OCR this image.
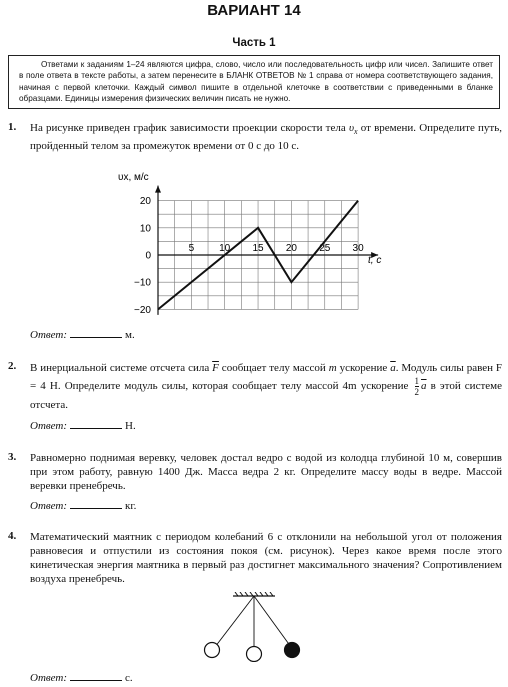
ВАРИАНТ 14
Часть 1
Ответами к заданиям 1–24 являются цифра, слово, число или последовательность цифр или чисел. Запишите ответ в поле ответа в тексте работы, а затем перенесите в БЛАНК ОТВЕТОВ № 1 справа от номера соответствующего задания, начиная с первой клеточки. Каждый символ пишите в отдельной клеточке в соответствии с приведенными в бланке образцами. Единицы измерения физических величин писать не нужно.
1. На рисунке приведен график зависимости проекции скорости тела $\upsilon_x$ от времени. Определите путь, пройденный телом за промежуток времени от 0 с до 10 с.
5	10 15 20 25 30
−20
−10
0
10
20
υx, м/с
t, с
Ответ:	м.
2. В инерциальной системе отсчета сила $\overline{F}$ сообщает телу массой m ускорение $\overline{a}$. Модуль силы равен F = 4 Н. Определите модуль силы, которая сообщает телу массой 4m ускорение $\frac{1}{2} \overline{a}$ в этой системе отсчета.
Ответ:	Н.
3. Равномерно поднимая веревку, человек достал ведро с водой из колодца глубиной 10 м, совершив при этом работу, равную 1400 Дж. Масса ведра 2 кг. Определите массу воды в ведре. Массой веревки пренебречь.
Ответ:	кг.
4. Математический маятник с периодом колебаний 6 с отклонили на небольшой угол от положения равновесия и отпустили из состояния покоя (см. рисунок). Через какое время после этого кинетическая энергия маятника в первый раз достигнет максимального значения? Сопротивлением воздуха пренебречь.
Ответ:	с.
